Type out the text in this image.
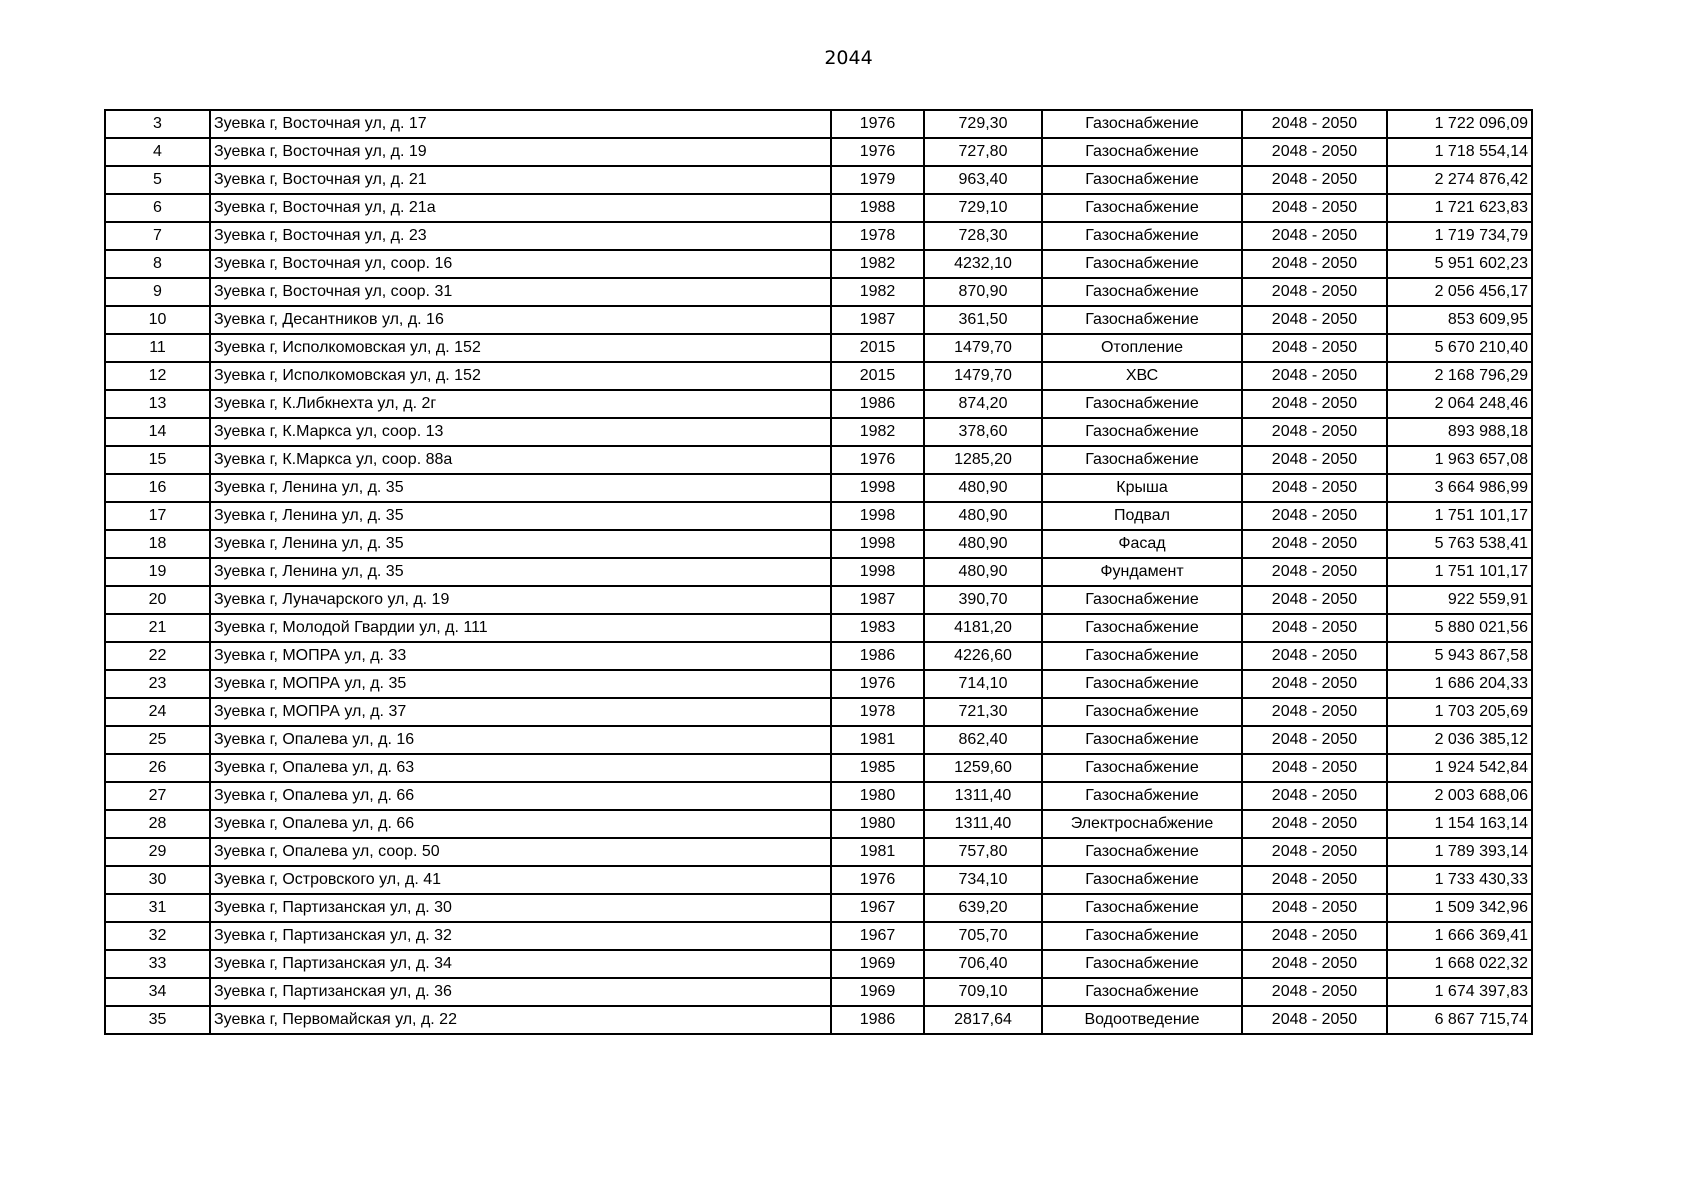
2044
3	Зуевка г, Восточная ул, д. 17	1976	729,30	Газоснабжение	2048 - 2050	1 722 096,09
4	Зуевка г, Восточная ул, д. 19	1976	727,80	Газоснабжение	2048 - 2050	1 718 554,14
5	Зуевка г, Восточная ул, д. 21	1979	963,40	Газоснабжение	2048 - 2050	2 274 876,42
6	Зуевка г, Восточная ул, д. 21а	1988	729,10	Газоснабжение	2048 - 2050	1 721 623,83
7	Зуевка г, Восточная ул, д. 23	1978	728,30	Газоснабжение	2048 - 2050	1 719 734,79
8	Зуевка г, Восточная ул, соор. 16	1982	4232,10	Газоснабжение	2048 - 2050	5 951 602,23
9	Зуевка г, Восточная ул, соор. 31	1982	870,90	Газоснабжение	2048 - 2050	2 056 456,17
10	Зуевка г, Десантников ул, д. 16	1987	361,50	Газоснабжение	2048 - 2050	853 609,95
11	Зуевка г, Исполкомовская ул, д. 152	2015	1479,70	Отопление	2048 - 2050	5 670 210,40
12	Зуевка г, Исполкомовская ул, д. 152	2015	1479,70	ХВС	2048 - 2050	2 168 796,29
13	Зуевка г, К.Либкнехта ул, д. 2г	1986	874,20	Газоснабжение	2048 - 2050	2 064 248,46
14	Зуевка г, К.Маркса ул, соор. 13	1982	378,60	Газоснабжение	2048 - 2050	893 988,18
15	Зуевка г, К.Маркса ул, соор. 88а	1976	1285,20	Газоснабжение	2048 - 2050	1 963 657,08
16	Зуевка г, Ленина ул, д. 35	1998	480,90	Крыша	2048 - 2050	3 664 986,99
17	Зуевка г, Ленина ул, д. 35	1998	480,90	Подвал	2048 - 2050	1 751 101,17
18	Зуевка г, Ленина ул, д. 35	1998	480,90	Фасад	2048 - 2050	5 763 538,41
19	Зуевка г, Ленина ул, д. 35	1998	480,90	Фундамент	2048 - 2050	1 751 101,17
20	Зуевка г, Луначарского ул, д. 19	1987	390,70	Газоснабжение	2048 - 2050	922 559,91
21	Зуевка г, Молодой Гвардии ул, д. 111	1983	4181,20	Газоснабжение	2048 - 2050	5 880 021,56
22	Зуевка г, МОПРА ул, д. 33	1986	4226,60	Газоснабжение	2048 - 2050	5 943 867,58
23	Зуевка г, МОПРА ул, д. 35	1976	714,10	Газоснабжение	2048 - 2050	1 686 204,33
24	Зуевка г, МОПРА ул, д. 37	1978	721,30	Газоснабжение	2048 - 2050	1 703 205,69
25	Зуевка г, Опалева ул, д. 16	1981	862,40	Газоснабжение	2048 - 2050	2 036 385,12
26	Зуевка г, Опалева ул, д. 63	1985	1259,60	Газоснабжение	2048 - 2050	1 924 542,84
27	Зуевка г, Опалева ул, д. 66	1980	1311,40	Газоснабжение	2048 - 2050	2 003 688,06
28	Зуевка г, Опалева ул, д. 66	1980	1311,40	Электроснабжение	2048 - 2050	1 154 163,14
29	Зуевка г, Опалева ул, соор. 50	1981	757,80	Газоснабжение	2048 - 2050	1 789 393,14
30	Зуевка г, Островского ул, д. 41	1976	734,10	Газоснабжение	2048 - 2050	1 733 430,33
31	Зуевка г, Партизанская ул, д. 30	1967	639,20	Газоснабжение	2048 - 2050	1 509 342,96
32	Зуевка г, Партизанская ул, д. 32	1967	705,70	Газоснабжение	2048 - 2050	1 666 369,41
33	Зуевка г, Партизанская ул, д. 34	1969	706,40	Газоснабжение	2048 - 2050	1 668 022,32
34	Зуевка г, Партизанская ул, д. 36	1969	709,10	Газоснабжение	2048 - 2050	1 674 397,83
35	Зуевка г, Первомайская ул, д. 22	1986	2817,64	Водоотведение	2048 - 2050	6 867 715,74
